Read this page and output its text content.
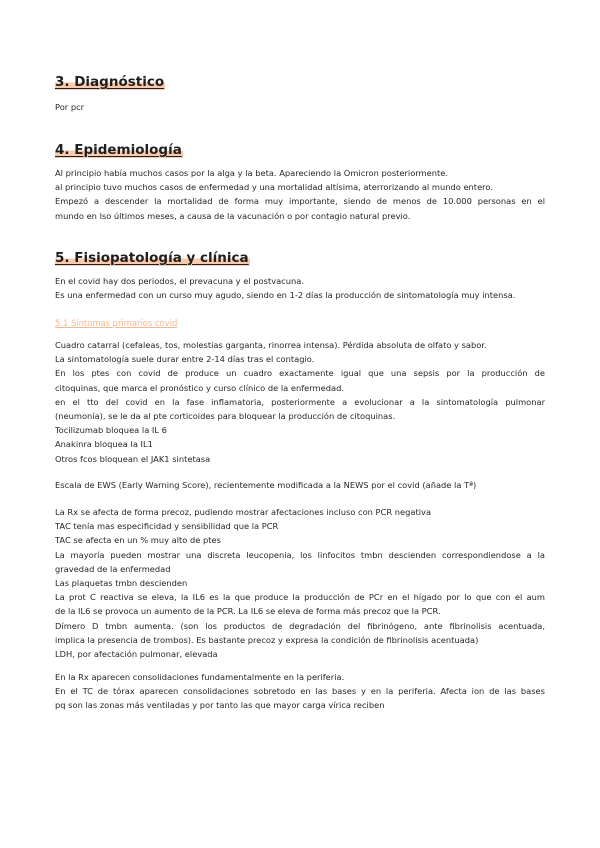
3. Diagnóstico
Por pcr
4. Epidemiología
Al principio había muchos casos por la alga y la beta. Apareciendo la Omicron posteriormente.
al principio tuvo muchos casos de enfermedad y una mortalidad altísima, aterrorizando al mundo entero.
Empezó a descender la mortalidad de forma muy importante, siendo de menos de 10.000 personas en el
mundo en lso últimos meses, a causa de la vacunación o por contagio natural previo.
5. Fisiopatología y clínica
En el covid hay dos periodos, el prevacuna y el postvacuna.
Es una enfermedad con un curso muy agudo, siendo en 1-2 días la producción de sintomatología muy intensa.
5.1 Síntomas primarios covid
Cuadro catarral (cefaleas, tos, molestias garganta, rinorrea intensa). Pérdida absoluta de olfato y sabor.
La sintomatología suele durar entre 2-14 días tras el contagio.
En los ptes con covid de produce un cuadro exactamente igual que una sepsis por la producción de
citoquinas, que marca el pronóstico y curso clínico de la enfermedad.
en el tto del covid en la fase inflamatoria, posteriormente a evolucionar a la sintomatología pulmonar
(neumonía), se le da al pte corticoides para bloquear la producción de citoquinas.
Tocilizumab bloquea la IL 6
Anakinra bloquea la IL1
Otros fcos bloquean el JAK1 sintetasa
Escala de EWS (Early Warning Score), recientemente modificada a la NEWS por el covid (añade la Tª)
La Rx se afecta de forma precoz, pudiendo mostrar afectaciones incluso con PCR negativa
TAC tenía mas especificidad y sensibilidad que la PCR
TAC se afecta en un % muy alto de ptes
La mayoría pueden mostrar una discreta leucopenia, los linfocitos tmbn descienden correspondiendose a la
gravedad de la enfermedad
Las plaquetas tmbn descienden
La prot C reactiva se eleva, la IL6 es la que produce la producción de PCr en el hígado por lo que con el aum
de la IL6 se provoca un aumento de la PCR. La IL6 se eleva de forma más precoz que la PCR.
Dímero D tmbn aumenta. (son los productos de degradación del fibrinógeno, ante fibrinolisis acentuada,
implica la presencia de trombos). Es bastante precoz y expresa la condición de fibrinolisis acentuada)
LDH, por afectación pulmonar, elevada
En la Rx aparecen consolidaciones fundamentalmente en la periferia.
En el TC de tórax aparecen consolidaciones sobretodo en las bases y en la periferia. Afecta ion de las bases
pq son las zonas más ventiladas y por tanto las que mayor carga vírica reciben
